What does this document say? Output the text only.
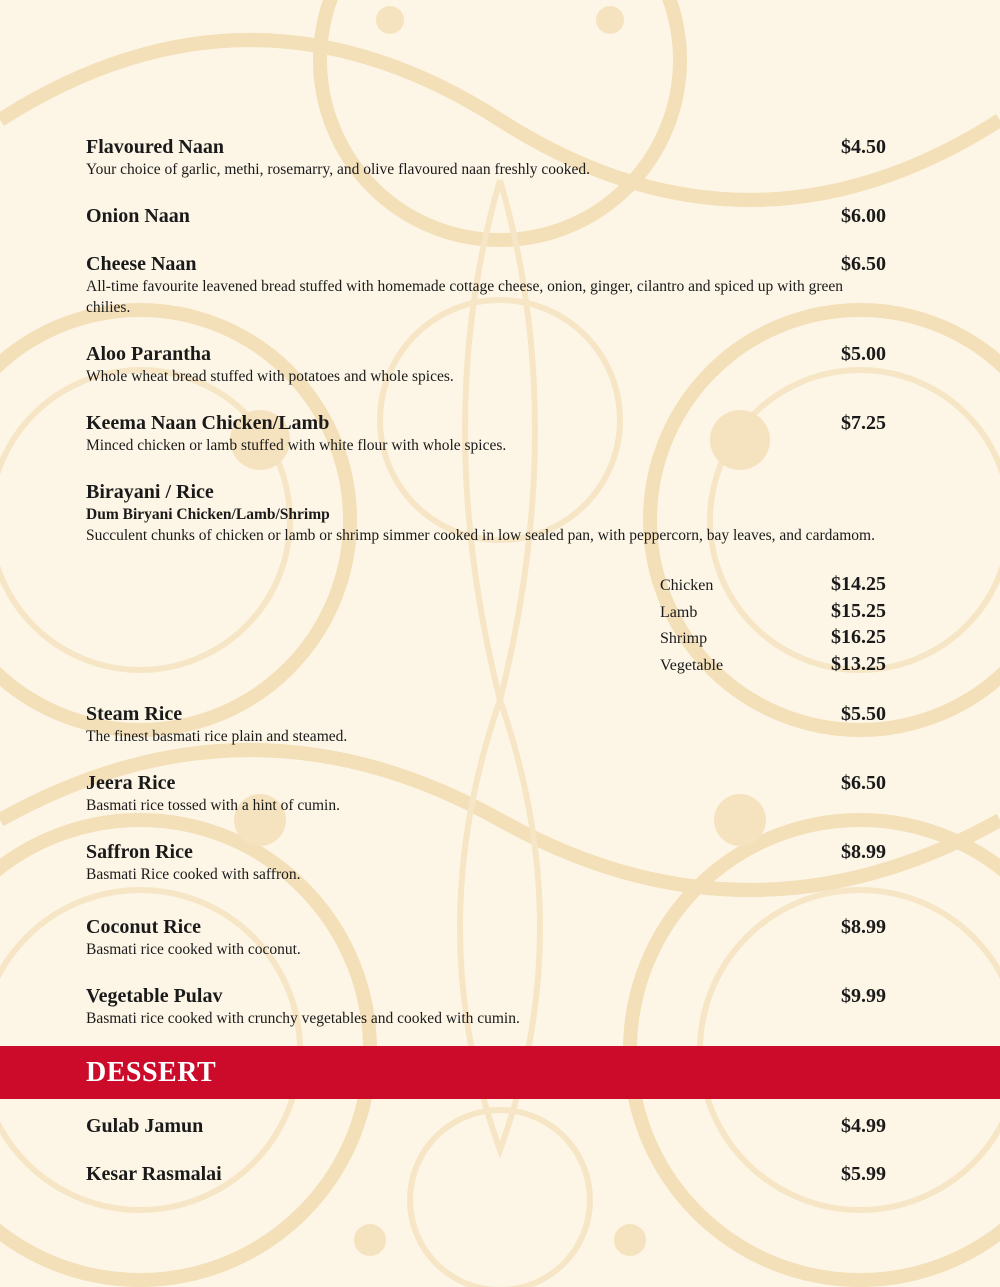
Flavoured Naan	$4.50
Your choice of garlic, methi, rosemarry, and olive flavoured naan freshly cooked.
Onion Naan	$6.00
Cheese Naan	$6.50
All-time favourite leavened bread stuffed with homemade cottage cheese, onion, ginger, cilantro and spiced up with green chilies.
Aloo Parantha	$5.00
Whole wheat bread stuffed with potatoes and whole spices.
Keema Naan Chicken/Lamb	$7.25
Minced chicken or lamb stuffed with white flour with whole spices.
Birayani / Rice
Dum Biryani Chicken/Lamb/Shrimp
Succulent chunks of chicken or lamb or shrimp simmer cooked in low sealed pan, with peppercorn, bay leaves, and cardamom.
Chicken	$14.25
Lamb	$15.25
Shrimp	$16.25
Vegetable	$13.25
Steam Rice	$5.50
The finest basmati rice plain and steamed.
Jeera Rice	$6.50
Basmati rice tossed with a hint of cumin.
Saffron Rice	$8.99
Basmati Rice cooked with saffron.
Coconut Rice	$8.99
Basmati rice cooked with coconut.
Vegetable Pulav	$9.99
Basmati rice cooked with crunchy vegetables and cooked with cumin.
DESSERT
Gulab Jamun	$4.99
Kesar Rasmalai	$5.99
